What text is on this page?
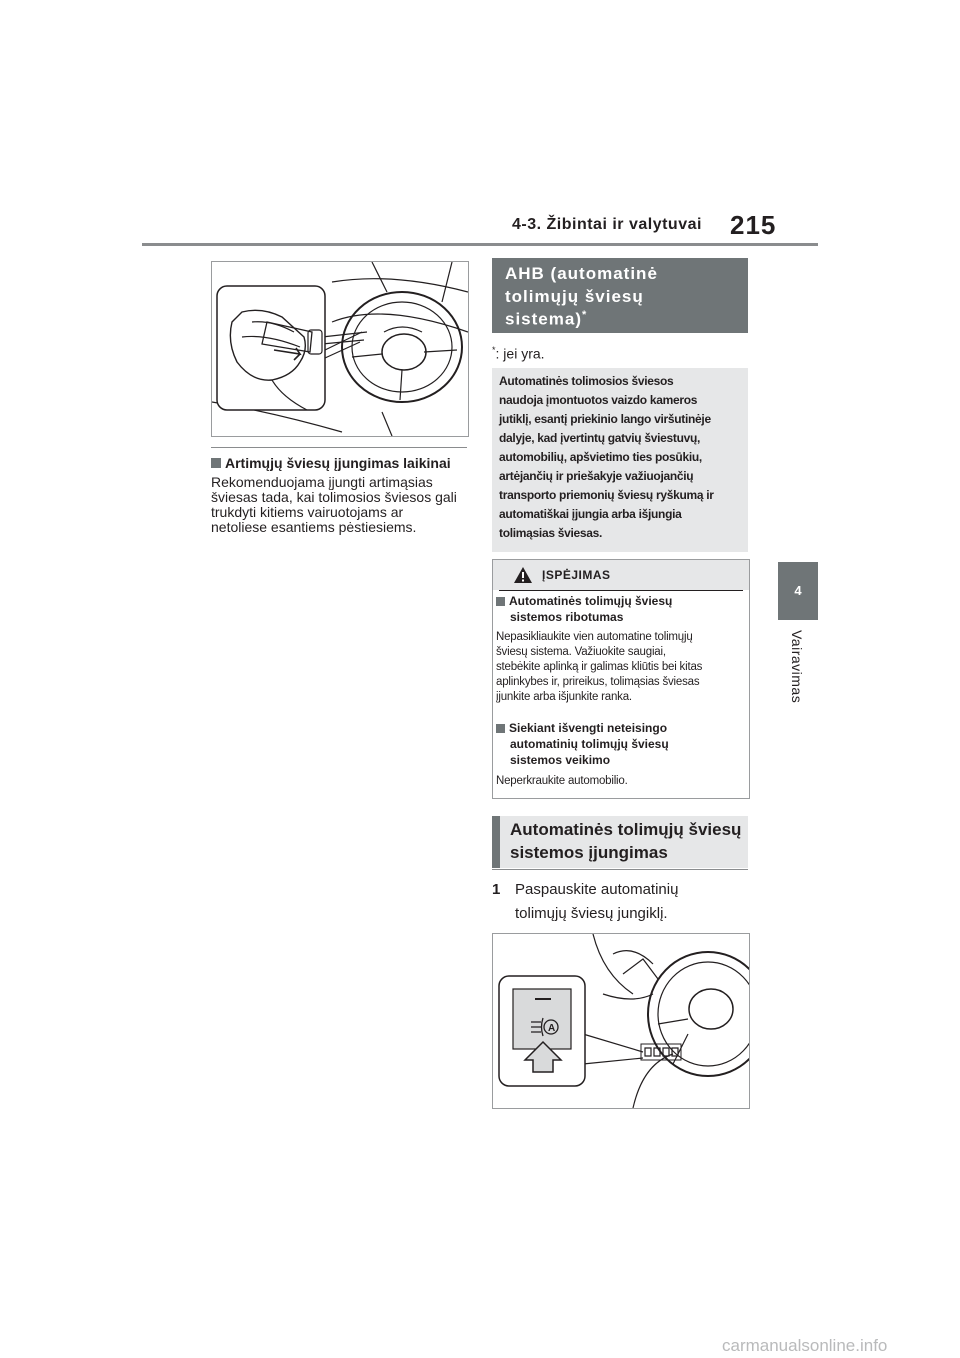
4-3. Žibintai ir valytuvai 215
4
Vairavimas
Artimųjų šviesų įjungimas laikinai
Rekomenduojama įjungti artimąsias
šviesas tada, kai tolimosios šviesos gali
trukdyti kitiems vairuotojams ar
netoliese esantiems pėstiesiems.
AHB (automatinė
tolimųjų šviesų
sistema)*
*: jei yra.
Automatinės tolimosios šviesos
naudoja įmontuotos vaizdo kameros
jutiklį, esantį priekinio lango viršutinėje
dalyje, kad įvertintų gatvių šviestuvų,
automobilių, apšvietimo ties posūkiu,
artėjančių ir priešakyje važiuojančių
transporto priemonių šviesų ryškumą ir
automatiškai įjungia arba išjungia
tolimąsias šviesas.
ĮSPĖJIMAS
Automatinės tolimųjų šviesų
sistemos ribotumas
Nepasikliaukite vien automatine tolimųjų
šviesų sistema. Važiuokite saugiai,
stebėkite aplinką ir galimas kliūtis bei kitas
aplinkybes ir, prireikus, tolimąsias šviesas
įjunkite arba išjunkite ranka.
Siekiant išvengti neteisingo
automatinių tolimųjų šviesų
sistemos veikimo
Neperkraukite automobilio.
Automatinės tolimųjų šviesų
sistemos įjungimas
1 Paspauskite automatinių
tolimųjų šviesų jungiklį.
A
carmanualsonline.info
